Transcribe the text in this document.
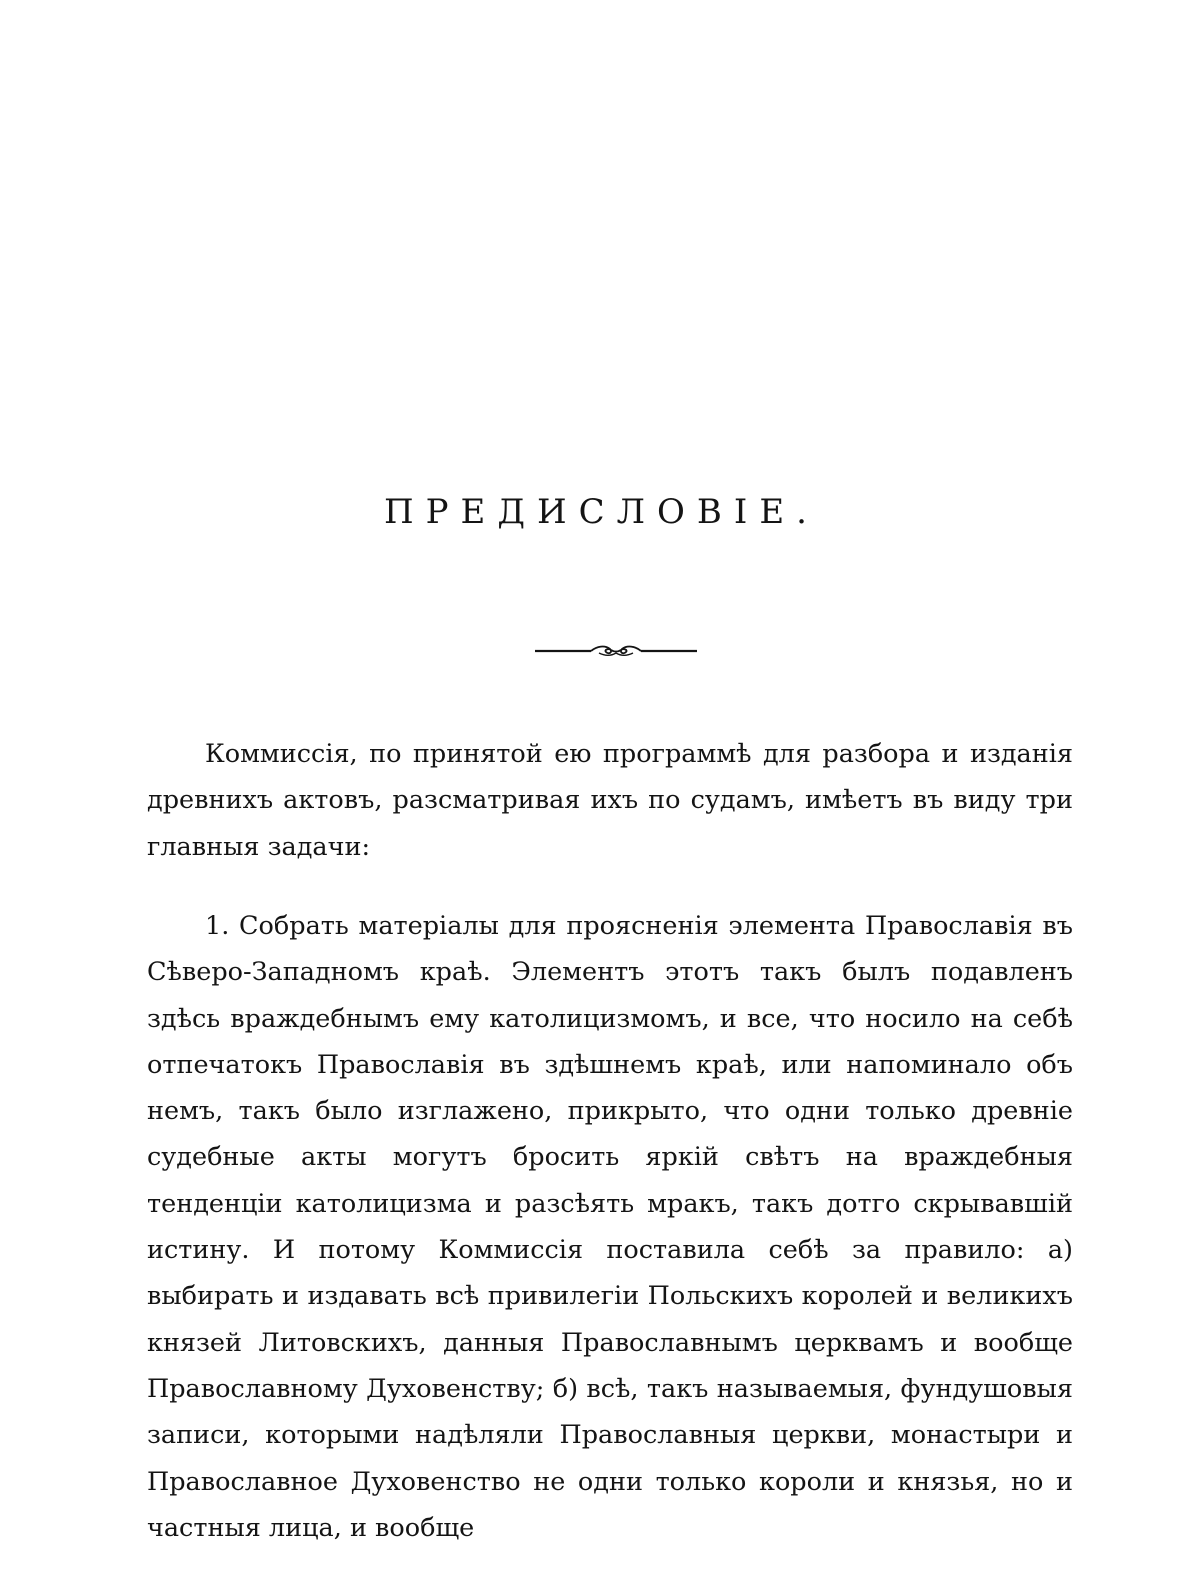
ПРЕДИСЛОВІЕ.

Коммиссія, по принятой ею программѣ для разбора и изданія древнихъ актовъ, разсматривая ихъ по судамъ, имѣетъ въ виду три главныя задачи:

1. Собрать матеріалы для проясненія элемента Православія въ Сѣверо-Западномъ краѣ. Элементъ этотъ такъ былъ подавленъ здѣсь враждебнымъ ему католицизмомъ, и все, что носило на себѣ отпечатокъ Православія въ здѣшнемъ краѣ, или напоминало объ немъ, такъ было изглажено, прикрыто, что одни только древніе судебные акты могутъ бросить яркій свѣтъ на враждебныя тенденціи католицизма и разсѣять мракъ, такъ дотго скрывавшій истину. И потому Коммиссія поставила себѣ за правило: а) выбирать и издавать всѣ привилегіи Польскихъ королей и великихъ князей Литовскихъ, данныя Православнымъ церквамъ и вообще Православному Духовенству; б) всѣ, такъ называемыя, фундушовыя записи, которыми надѣляли Православныя церкви, монастыри и Православное Духовенство не одни только короли и князья, но и частныя лица, и вообще
